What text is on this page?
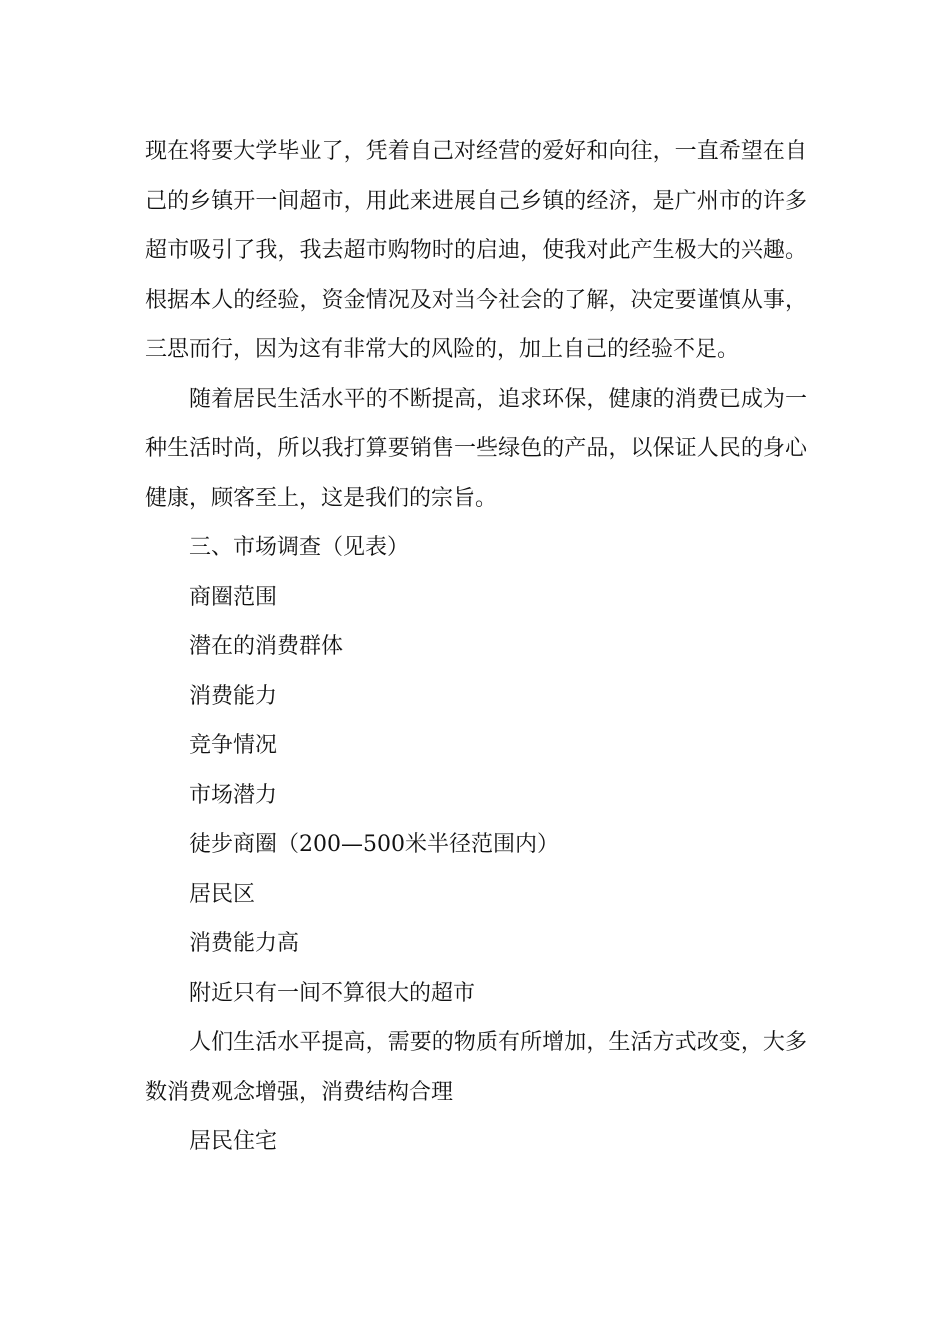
现在将要大学毕业了，凭着自己对经营的爱好和向往，一直希望在自己的乡镇开一间超市，用此来进展自己乡镇的经济，是广州市的许多超市吸引了我，我去超市购物时的启迪，使我对此产生极大的兴趣。根据本人的经验，资金情况及对当今社会的了解，决定要谨慎从事，三思而行，因为这有非常大的风险的，加上自己的经验不足。

随着居民生活水平的不断提高，追求环保，健康的消费已成为一种生活时尚，所以我打算要销售一些绿色的产品，以保证人民的身心健康，顾客至上，这是我们的宗旨。

三、市场调查（见表）

商圈范围

潜在的消费群体

消费能力

竞争情况

市场潜力

徒步商圈（200—500米半径范围内）

居民区

消费能力高

附近只有一间不算很大的超市

人们生活水平提高，需要的物质有所增加，生活方式改变，大多数消费观念增强，消费结构合理

居民住宅
